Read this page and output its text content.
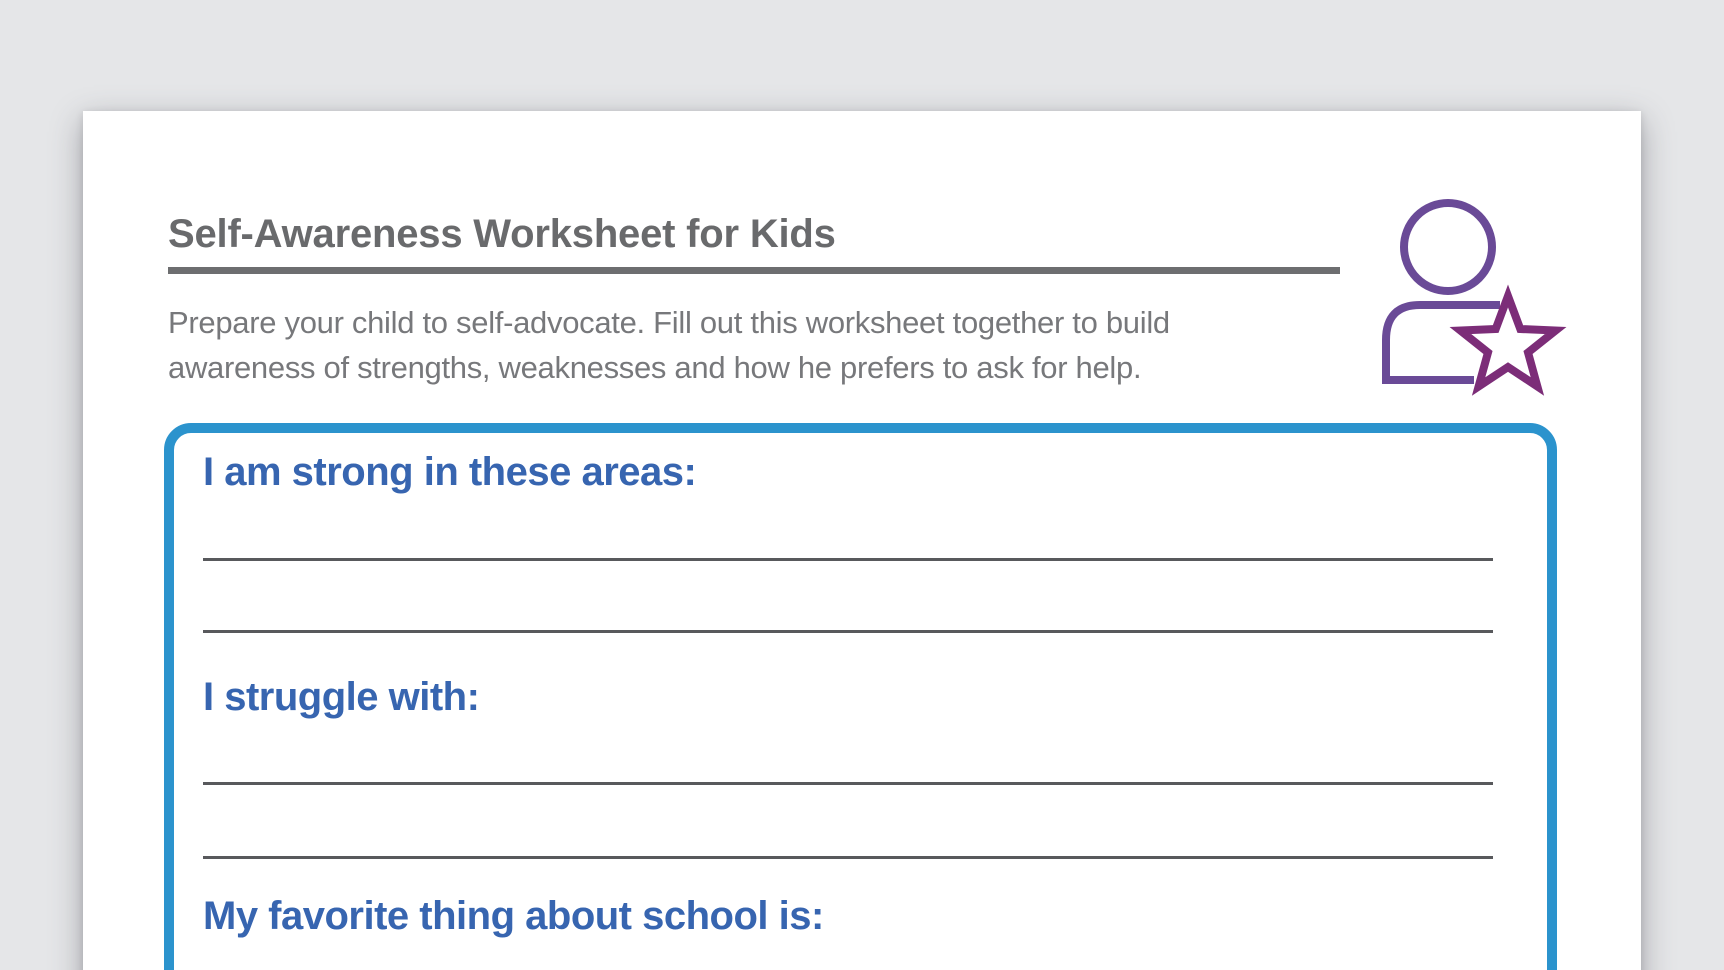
Self-Awareness Worksheet for Kids

Prepare your child to self-advocate. Fill out this worksheet together to build
awareness of strengths, weaknesses and how he prefers to ask for help.

I am strong in these areas:
I struggle with:
My favorite thing about school is:
